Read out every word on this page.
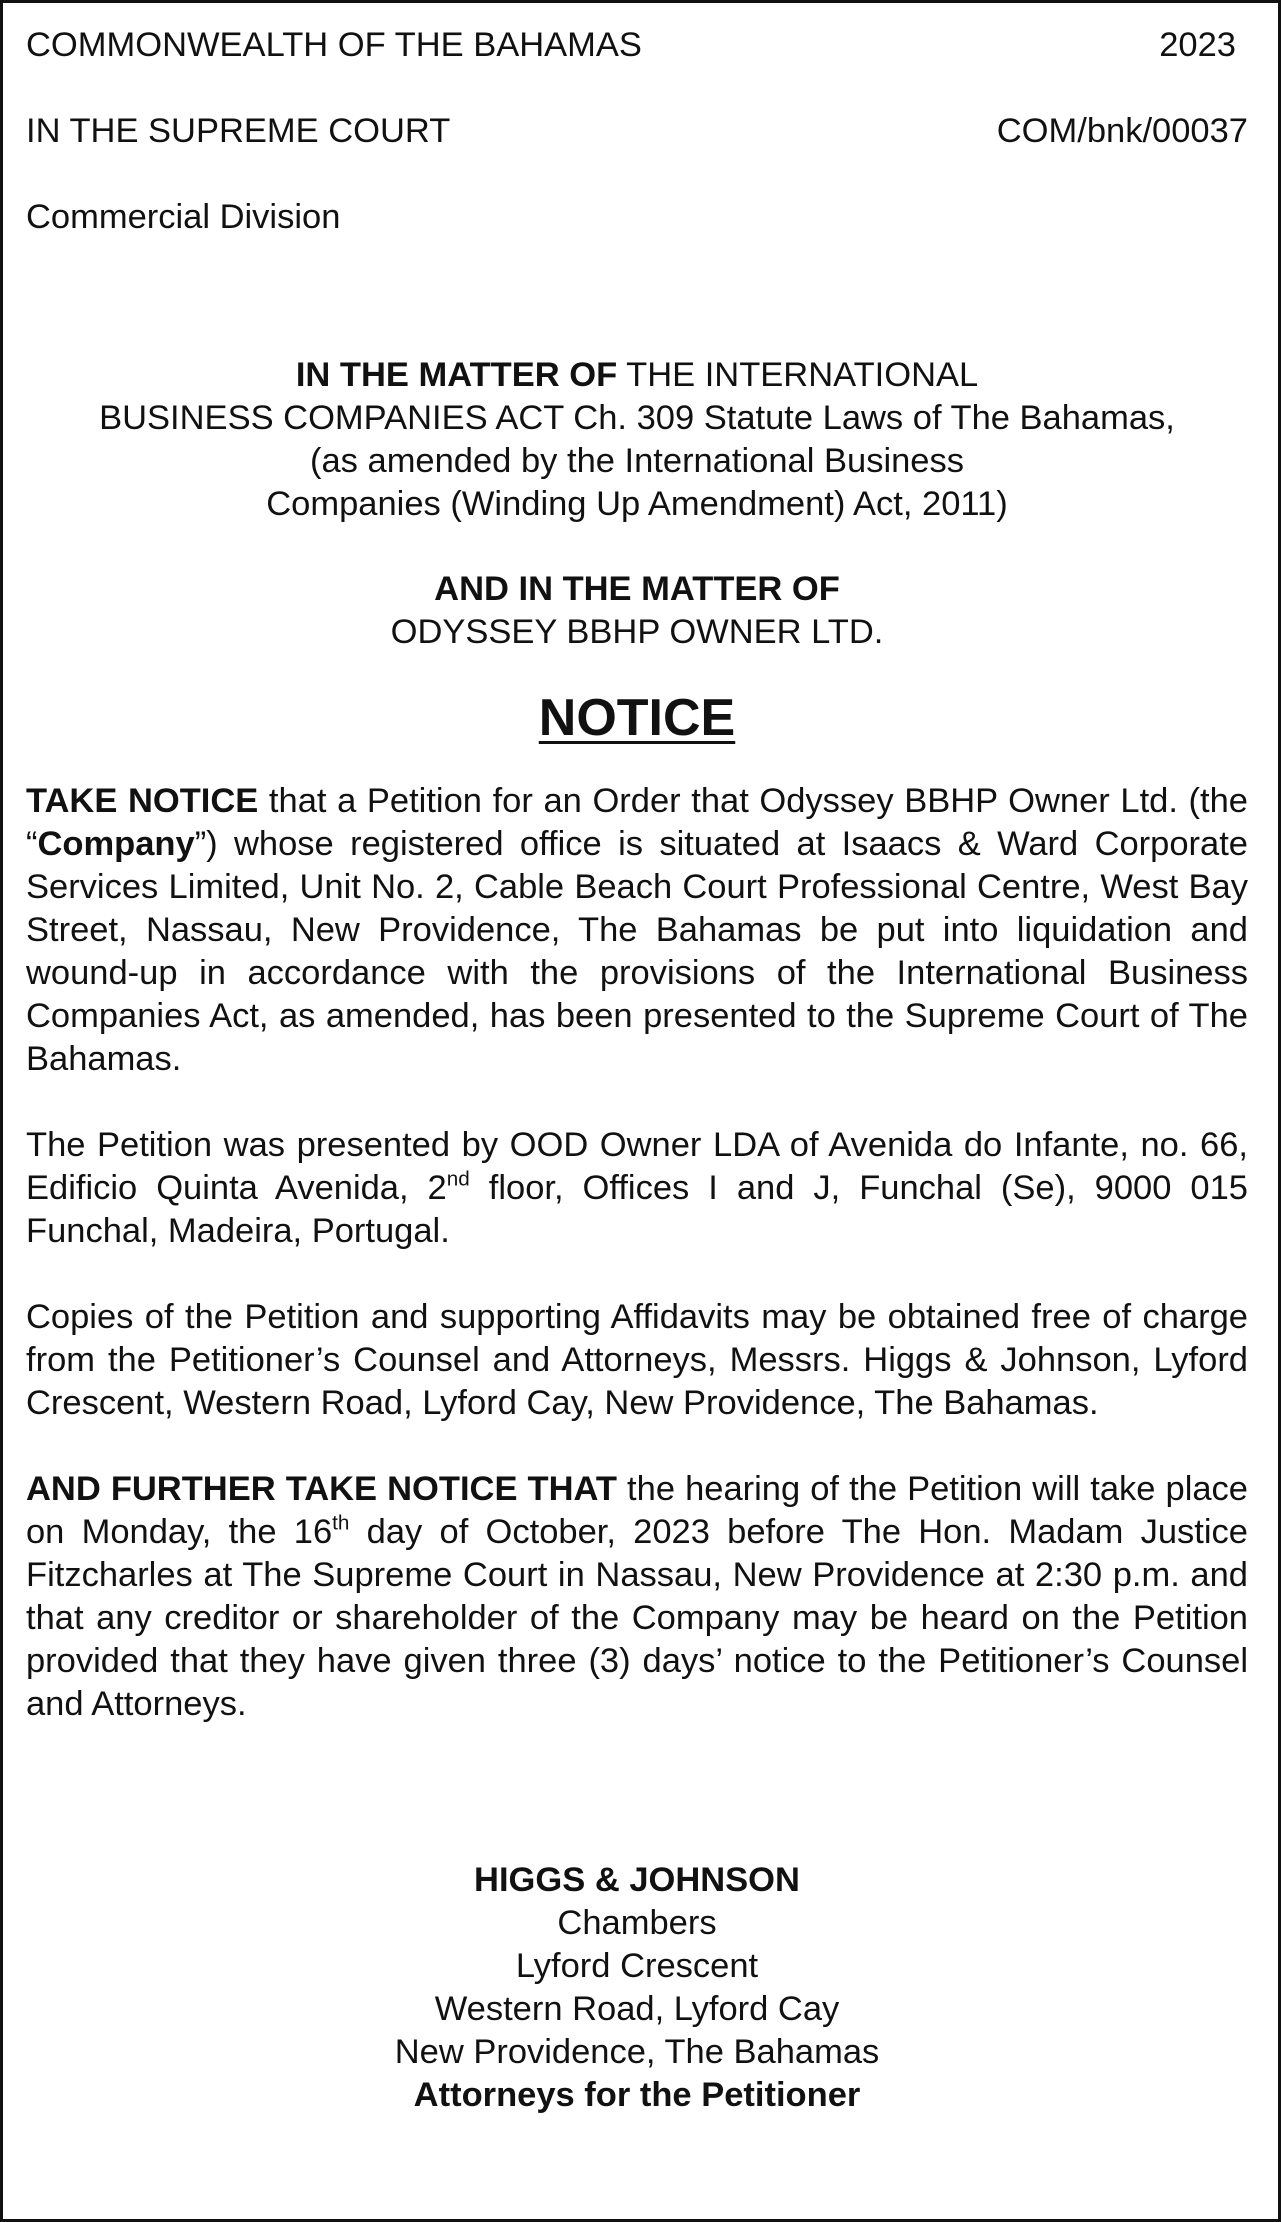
COMMONWEALTH OF THE BAHAMAS	2023
IN THE SUPREME COURT	COM/bnk/00037
Commercial Division
IN THE MATTER OF THE INTERNATIONAL
BUSINESS COMPANIES ACT Ch. 309 Statute Laws of The Bahamas,
(as amended by the International Business
Companies (Winding Up Amendment) Act, 2011)
AND IN THE MATTER OF
ODYSSEY BBHP OWNER LTD.
NOTICE
TAKE NOTICE that a Petition for an Order that Odyssey BBHP Owner Ltd. (the “Company”) whose registered office is situated at Isaacs & Ward Corporate Services Limited, Unit No. 2, Cable Beach Court Professional Centre, West Bay Street, Nassau, New Providence, The Bahamas be put into liquidation and wound-up in accordance with the provisions of the International Business Companies Act, as amended, has been presented to the Supreme Court of The Bahamas.
The Petition was presented by OOD Owner LDA of Avenida do Infante, no. 66, Edificio Quinta Avenida, 2nd floor, Offices I and J, Funchal (Se), 9000 015 Funchal, Madeira, Portugal.
Copies of the Petition and supporting Affidavits may be obtained free of charge from the Petitioner’s Counsel and Attorneys, Messrs. Higgs & Johnson, Lyford Crescent, Western Road, Lyford Cay, New Providence, The Bahamas.
AND FURTHER TAKE NOTICE THAT the hearing of the Petition will take place on Monday, the 16th day of October, 2023 before The Hon. Madam Justice Fitzcharles at The Supreme Court in Nassau, New Providence at 2:30 p.m. and that any creditor or shareholder of the Company may be heard on the Petition provided that they have given three (3) days’ notice to the Petitioner’s Counsel and Attorneys.
HIGGS & JOHNSON
Chambers
Lyford Crescent
Western Road, Lyford Cay
New Providence, The Bahamas
Attorneys for the Petitioner
